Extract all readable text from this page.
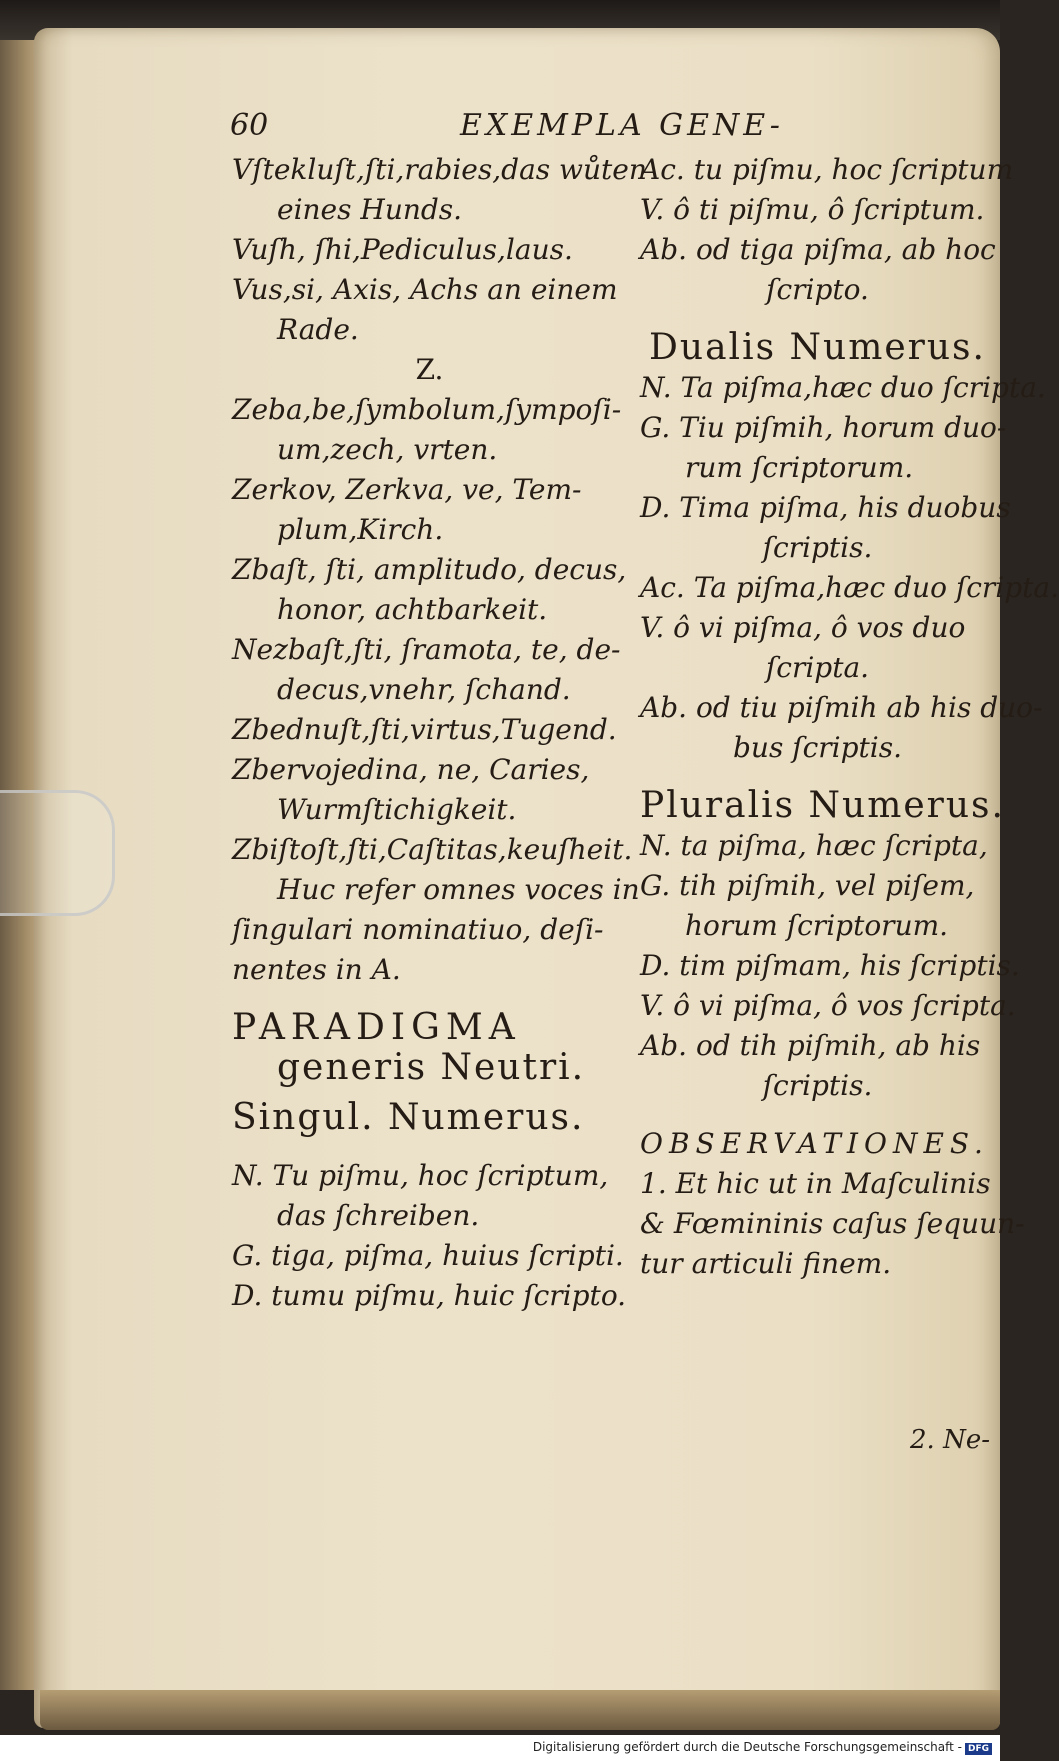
60	EXEMPLA GENE-
Vſtekluſt,ſti,rabies,das wůten
eines Hunds.
Vuſh, ſhi,Pediculus,laus.
Vus,si, Axis, Achs an einem
Rade.
Z.
Zeba,be,ſymbolum,ſympoſi-
um,zech, vrten.
Zerkov, Zerkva, ve, Tem-
plum,Kirch.
Zbaſt, ſti, amplitudo, decus,
honor, achtbarkeit.
Nezbaſt,ſti, ſramota, te, de-
decus,vnehr, ſchand.
Zbednuſt,ſti,virtus,Tugend.
Zbervojedina, ne, Caries,
Wurmſtichigkeit.
Zbiſtoſt,ſti,Caſtitas,keuſheit.
Huc refer omnes voces in
ſingulari nominatiuo, deſi-
nentes in A.
PARADIGMA
generis Neutri.
Singul. Numerus.
N. Tu piſmu, hoc ſcriptum,
das ſchreiben.
G. tiga, piſma, huius ſcripti.
D. tumu piſmu, huic ſcripto.
Ac. tu piſmu, hoc ſcriptum
V. ô ti piſmu, ô ſcriptum.
Ab. od tiga piſma, ab hoc
ſcripto.
Dualis Numerus.
N. Ta piſma,hæc duo ſcripta.
G. Tiu piſmih, horum duo-
rum ſcriptorum.
D. Tima piſma, his duobus
ſcriptis.
Ac. Ta piſma,hæc duo ſcripta.
V. ô vi piſma, ô vos duo
ſcripta.
Ab. od tiu piſmih ab his duo-
bus ſcriptis.
Pluralis Numerus.
N. ta piſma, hæc ſcripta,
G. tih piſmih, vel piſem,
horum ſcriptorum.
D. tim piſmam, his ſcriptis.
V. ô vi piſma, ô vos ſcripta.
Ab. od tih piſmih, ab his
ſcriptis.
OBSERVATIONES.
1. Et hic ut in Maſculinis
& Fœmininis caſus ſequun-
tur articuli finem.
2. Ne-
Digitalisierung gefördert durch die Deutsche Forschungsgemeinschaft - DFG
